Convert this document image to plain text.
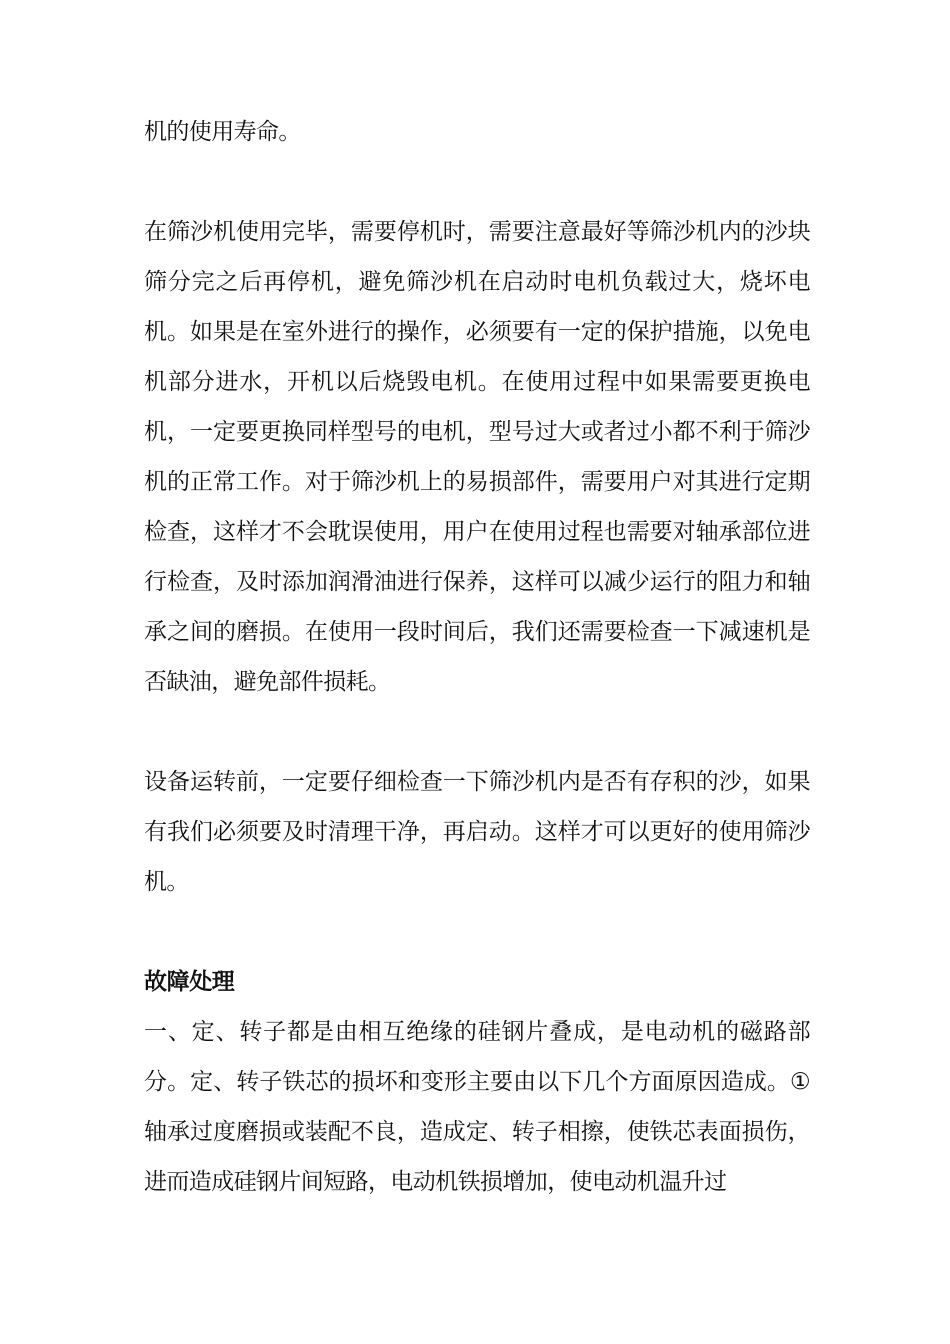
机的使用寿命。

在筛沙机使用完毕，需要停机时，需要注意最好等筛沙机内的沙块筛分完之后再停机，避免筛沙机在启动时电机负载过大，烧坏电机。如果是在室外进行的操作，必须要有一定的保护措施，以免电机部分进水，开机以后烧毁电机。在使用过程中如果需要更换电机，一定要更换同样型号的电机，型号过大或者过小都不利于筛沙机的正常工作。对于筛沙机上的易损部件，需要用户对其进行定期检查，这样才不会耽误使用，用户在使用过程也需要对轴承部位进行检查，及时添加润滑油进行保养，这样可以减少运行的阻力和轴承之间的磨损。在使用一段时间后，我们还需要检查一下减速机是否缺油，避免部件损耗。

设备运转前，一定要仔细检查一下筛沙机内是否有存积的沙，如果有我们必须要及时清理干净，再启动。这样才可以更好的使用筛沙机。

故障处理

一、定、转子都是由相互绝缘的硅钢片叠成，是电动机的磁路部分。定、转子铁芯的损坏和变形主要由以下几个方面原因造成。①轴承过度磨损或装配不良，造成定、转子相擦，使铁芯表面损伤，进而造成硅钢片间短路，电动机铁损增加，使电动机温升过
